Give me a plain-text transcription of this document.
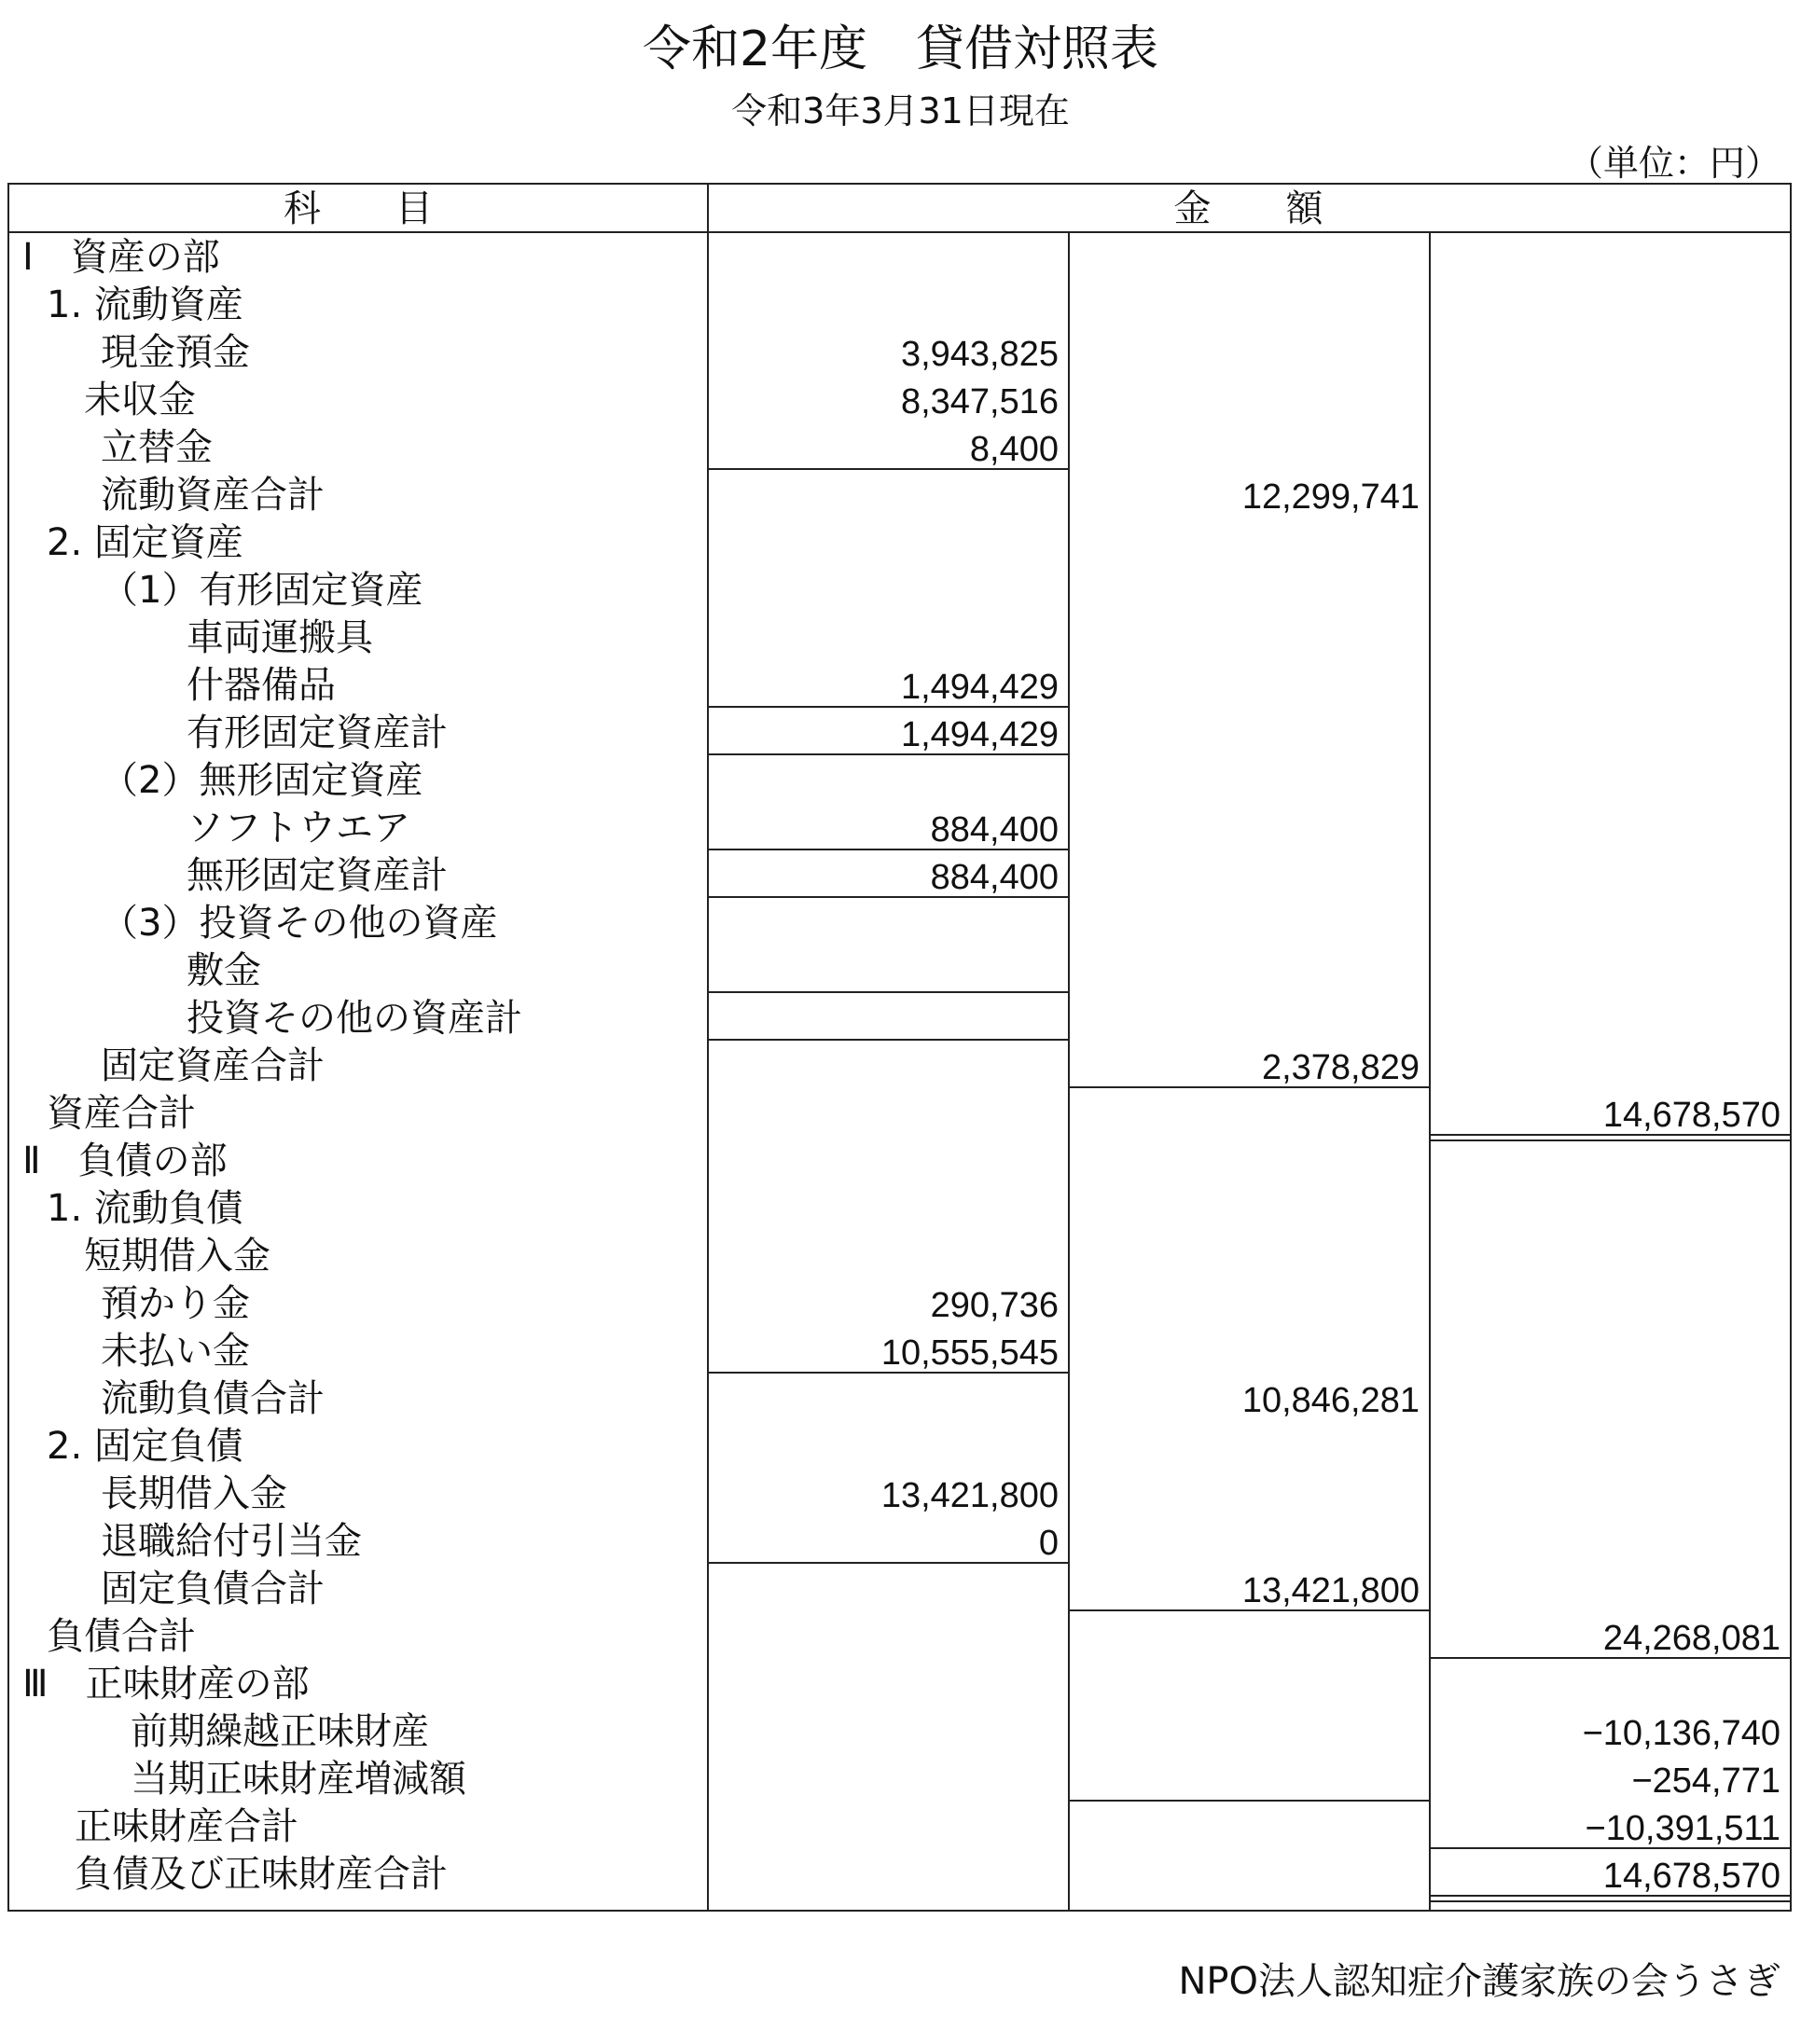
令和2年度　貸借対照表
令和3年3月31日現在
（単位：円）
科　　目	金　　額
Ⅰ　資産の部
1. 流動資産
現金預金	3,943,825
未収金	8,347,516
立替金	8,400
流動資産合計	12,299,741
2. 固定資産
（1）有形固定資産
車両運搬具
什器備品	1,494,429
有形固定資産計	1,494,429
（2）無形固定資産
ソフトウエア	884,400
無形固定資産計	884,400
（3）投資その他の資産
敷金
投資その他の資産計
固定資産合計	2,378,829
資産合計	14,678,570
Ⅱ　負債の部
1. 流動負債
短期借入金
預かり金	290,736
未払い金	10,555,545
流動負債合計	10,846,281
2. 固定負債
長期借入金	13,421,800
退職給付引当金	0
固定負債合計	13,421,800
負債合計	24,268,081
Ⅲ　正味財産の部
前期繰越正味財産	−10,136,740
当期正味財産増減額	−254,771
正味財産合計	−10,391,511
負債及び正味財産合計	14,678,570
NPO法人認知症介護家族の会うさぎ
